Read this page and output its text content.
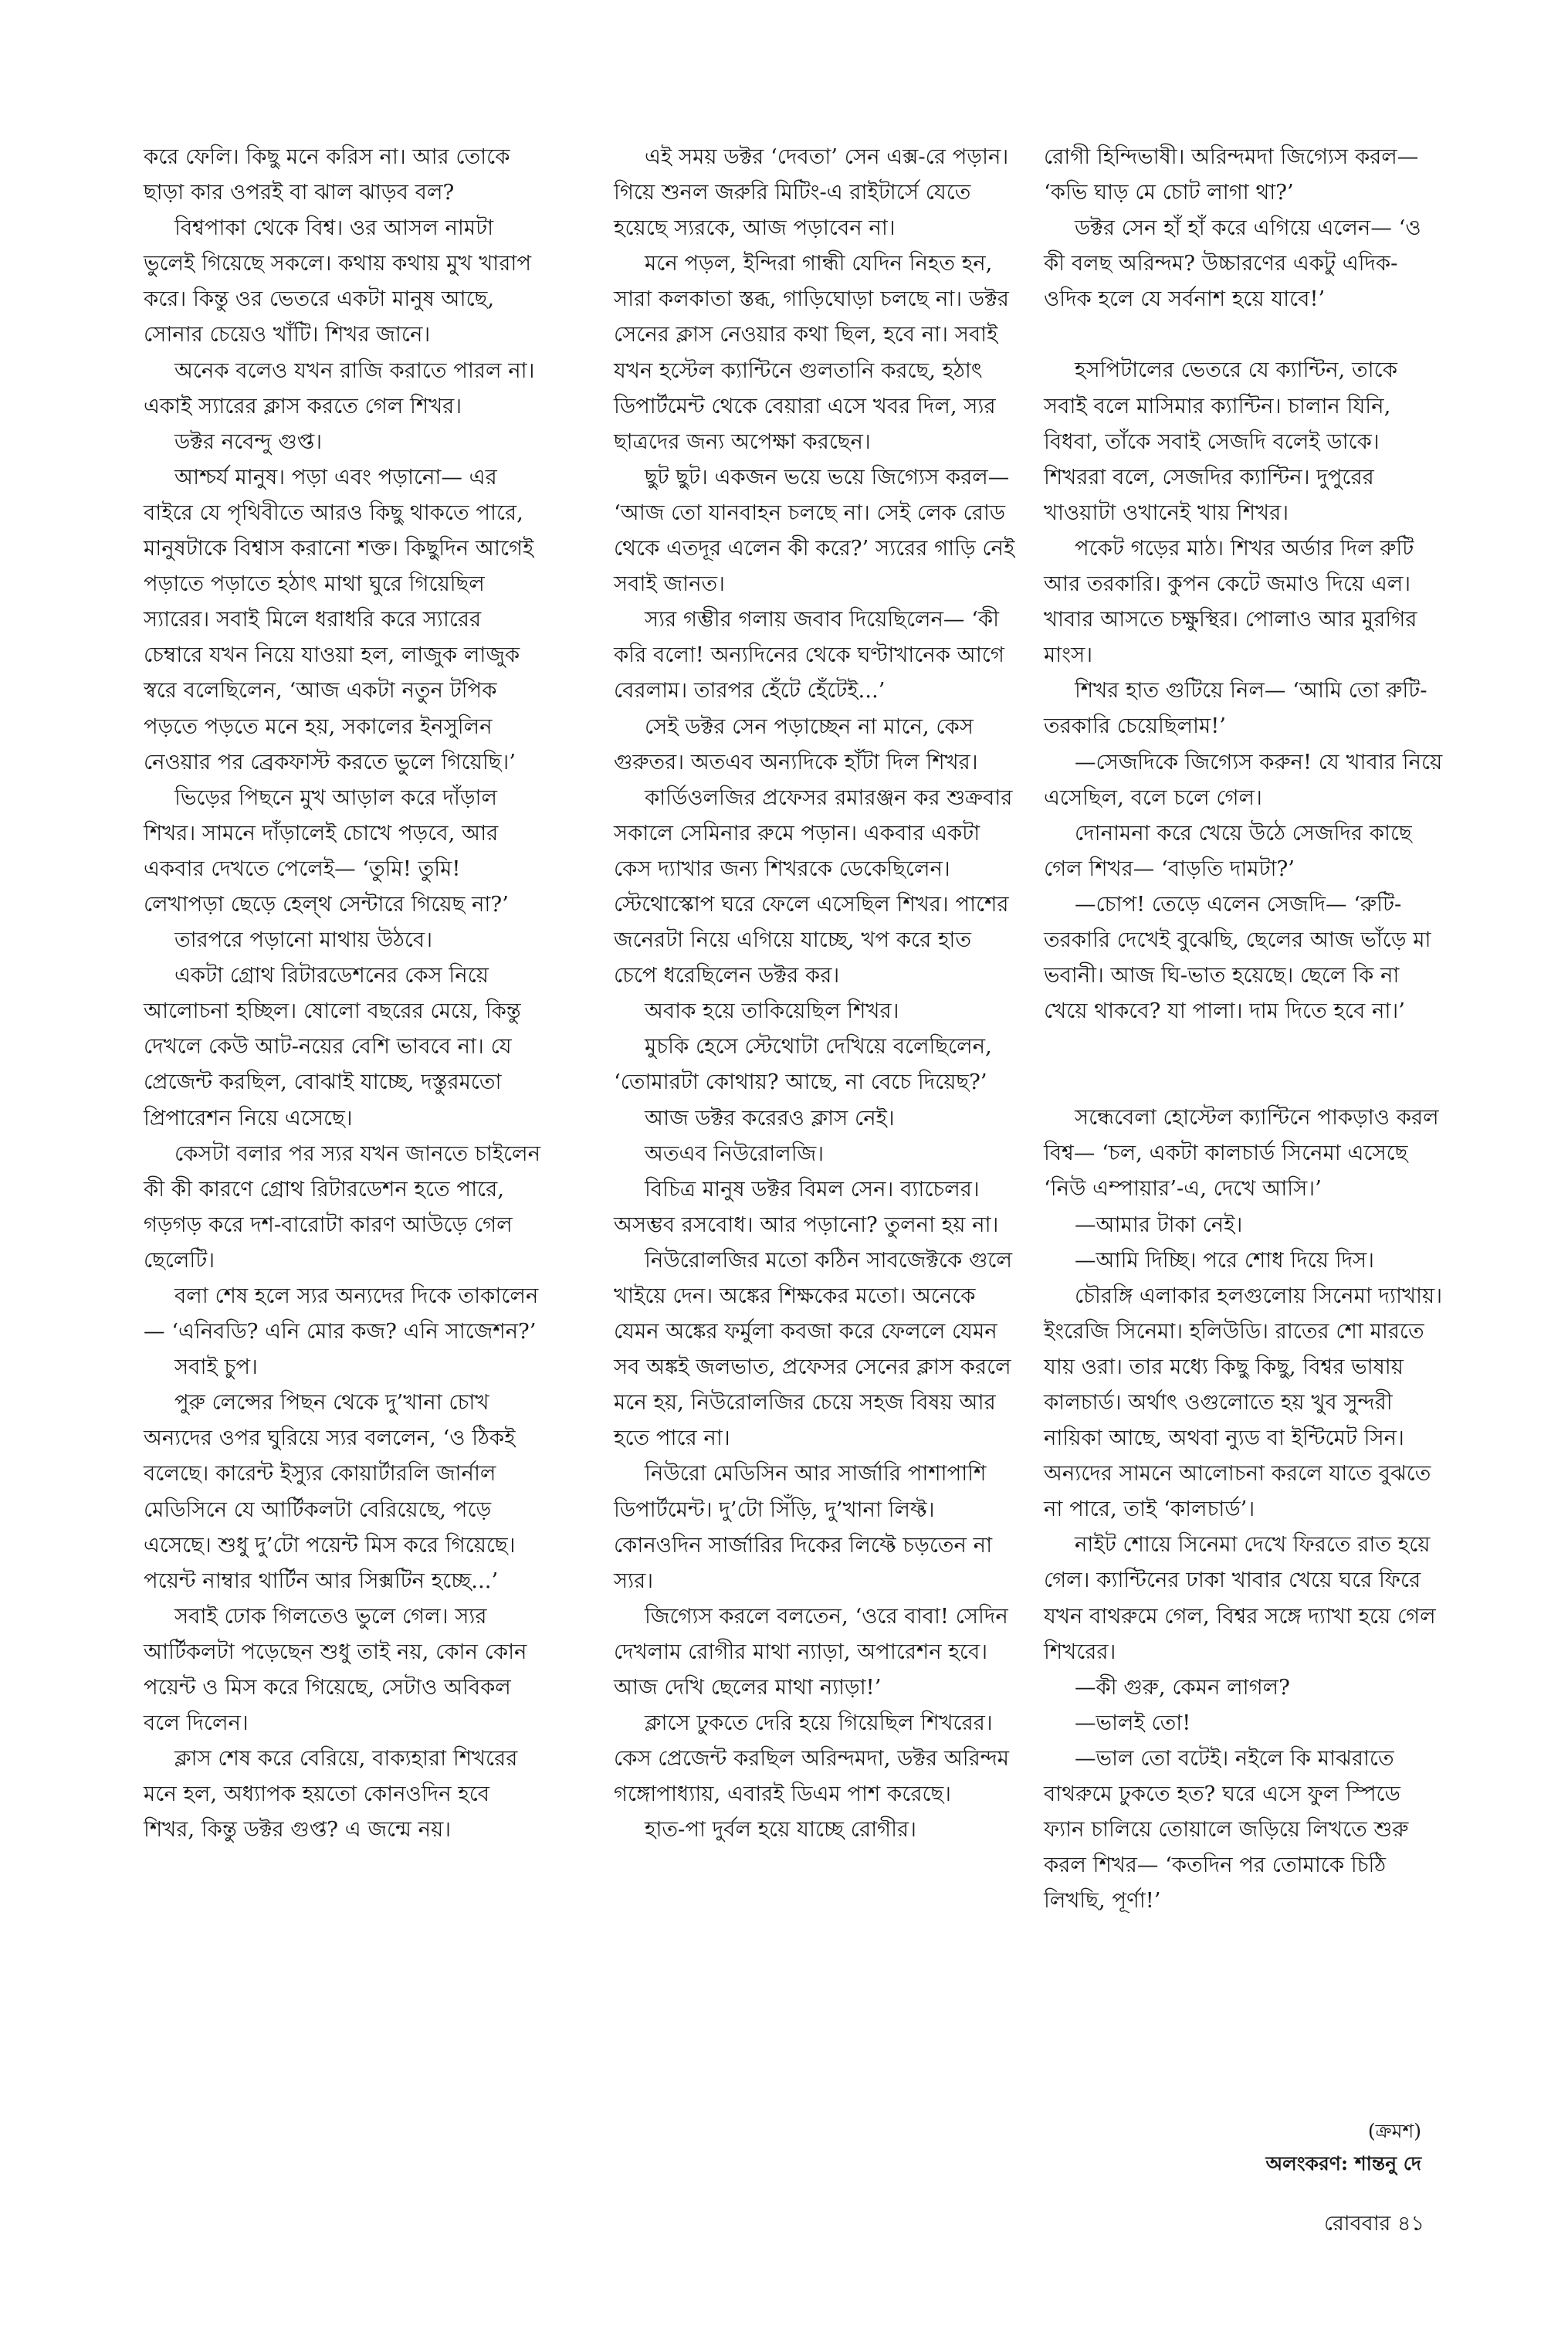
করে ফেলি। কিছু মনে করিস না। আর তোকে ছাড়া কার ওপরই বা ঝাল ঝাড়ব বল?

বিশ্বপাকা থেকে বিশ্ব। ওর আসল নামটা ভুলেই গিয়েছে সকলে। কথায় কথায় মুখ খারাপ করে। কিন্তু ওর ভেতরে একটা মানুষ আছে, সোনার চেয়েও খাঁটি। শিখর জানে।

অনেক বলেও যখন রাজি করাতে পারল না। একাই স্যারের ক্লাস করতে গেল শিখর।

ডক্টর নবেন্দু গুপ্ত।

আশ্চর্য মানুষ। পড়া এবং পড়ানো— এর বাইরে যে পৃথিবীতে আরও কিছু থাকতে পারে, মানুষটাকে বিশ্বাস করানো শক্ত। কিছুদিন আগেই পড়াতে পড়াতে হঠাৎ মাথা ঘুরে গিয়েছিল স্যারের। সবাই মিলে ধরাধরি করে স্যারের চেম্বারে যখন নিয়ে যাওয়া হল, লাজুক লাজুক স্বরে বলেছিলেন, ‘আজ একটা নতুন টপিক পড়তে পড়তে মনে হয়, সকালের ইনসুলিন নেওয়ার পর ব্রেকফাস্ট করতে ভুলে গিয়েছি।’

ভিড়ের পিছনে মুখ আড়াল করে দাঁড়াল শিখর। সামনে দাঁড়ালেই চোখে পড়বে, আর একবার দেখতে পেলেই— ‘তুমি! তুমি! লেখাপড়া ছেড়ে হেল্থ সেন্টারে গিয়েছ না?’

তারপরে পড়ানো মাথায় উঠবে।

একটা গ্রোথ রিটারডেশনের কেস নিয়ে আলোচনা হচ্ছিল। ষোলো বছরের মেয়ে, কিন্তু দেখলে কেউ আট-নয়ের বেশি ভাববে না। যে প্রেজেন্ট করছিল, বোঝাই যাচ্ছে, দস্তুরমতো প্রিপারেশন নিয়ে এসেছে।

কেসটা বলার পর স্যর যখন জানতে চাইলেন কী কী কারণে গ্রোথ রিটারডেশন হতে পারে, গড়গড় করে দশ-বারোটা কারণ আউড়ে গেল ছেলেটি।

বলা শেষ হলে স্যর অন্যদের দিকে তাকালেন— ‘এনিবডি? এনি মোর কজ? এনি সাজেশন?’

সবাই চুপ।

পুরু লেন্সের পিছন থেকে দু’খানা চোখ অন্যদের ওপর ঘুরিয়ে স্যর বললেন, ‘ও ঠিকই বলেছে। কারেন্ট ইস্যুর কোয়ার্টারলি জার্নাল মেডিসিনে যে আর্টিকলটা বেরিয়েছে, পড়ে এসেছে। শুধু দু’টো পয়েন্ট মিস করে গিয়েছে। পয়েন্ট নাম্বার থার্টিন আর সিক্সটিন হচ্ছে...’

সবাই ঢোক গিলতেও ভুলে গেল। স্যর আর্টিকলটা পড়েছেন শুধু তাই নয়, কোন কোন পয়েন্ট ও মিস করে গিয়েছে, সেটাও অবিকল বলে দিলেন।

ক্লাস শেষ করে বেরিয়ে, বাক্যহারা শিখরের মনে হল, অধ্যাপক হয়তো কোনওদিন হবে শিখর, কিন্তু ডক্টর গুপ্ত? এ জন্মে নয়।

এই সময় ডক্টর ‘দেবতা’ সেন এক্স-রে পড়ান। গিয়ে শুনল জরুরি মিটিং-এ রাইটার্সে যেতে হয়েছে স্যরকে, আজ পড়াবেন না।

মনে পড়ল, ইন্দিরা গান্ধী যেদিন নিহত হন, সারা কলকাতা স্তব্ধ, গাড়িঘোড়া চলছে না। ডক্টর সেনের ক্লাস নেওয়ার কথা ছিল, হবে না। সবাই যখন হস্টেল ক্যান্টিনে গুলতানি করছে, হঠাৎ ডিপার্টমেন্ট থেকে বেয়ারা এসে খবর দিল, স্যর ছাত্রদের জন্য অপেক্ষা করছেন।

ছুট ছুট। একজন ভয়ে ভয়ে জিগ্যেস করল— ‘আজ তো যানবাহন চলছে না। সেই লেক রোড থেকে এতদূর এলেন কী করে?’ স্যরের গাড়ি নেই সবাই জানত।

স্যর গম্ভীর গলায় জবাব দিয়েছিলেন— ‘কী করি বলো! অন্যদিনের থেকে ঘণ্টাখানেক আগে বেরলাম। তারপর হেঁটে হেঁটেই...’

সেই ডক্টর সেন পড়াচ্ছেন না মানে, কেস গুরুতর। অতএব অন্যদিকে হাঁটা দিল শিখর।

কার্ডিওলজির প্রফেসর রমারঞ্জন কর শুক্রবার সকালে সেমিনার রুমে পড়ান। একবার একটা কেস দ্যাখার জন্য শিখরকে ডেকেছিলেন। স্টেথোস্কোপ ঘরে ফেলে এসেছিল শিখর। পাশের জনেরটা নিয়ে এগিয়ে যাচ্ছে, খপ করে হাত চেপে ধরেছিলেন ডক্টর কর।

অবাক হয়ে তাকিয়েছিল শিখর।

মুচকি হেসে স্টেথোটা দেখিয়ে বলেছিলেন, ‘তোমারটা কোথায়? আছে, না বেচে দিয়েছ?’

আজ ডক্টর করেরও ক্লাস নেই।

অতএব নিউরোলজি।

বিচিত্র মানুষ ডক্টর বিমল সেন। ব্যাচেলর। অসম্ভব রসবোধ। আর পড়ানো? তুলনা হয় না।

নিউরোলজির মতো কঠিন সাবজেক্টকে গুলে খাইয়ে দেন। অঙ্কের শিক্ষকের মতো। অনেকে যেমন অঙ্কের ফর্মুলা কবজা করে ফেললে যেমন সব অঙ্কই জলভাত, প্রফেসর সেনের ক্লাস করলে মনে হয়, নিউরোলজির চেয়ে সহজ বিষয় আর হতে পারে না।

নিউরো মেডিসিন আর সার্জারি পাশাপাশি ডিপার্টমেন্ট। দু’টো সিঁড়ি, দু’খানা লিফ্ট। কোনওদিন সার্জারির দিকের লিফ্টে চড়তেন না স্যর।

জিগ্যেস করলে বলতেন, ‘ওরে বাবা! সেদিন দেখলাম রোগীর মাথা ন্যাড়া, অপারেশন হবে। আজ দেখি ছেলের মাথা ন্যাড়া!’

ক্লাসে ঢুকতে দেরি হয়ে গিয়েছিল শিখরের। কেস প্রেজেন্ট করছিল অরিন্দমদা, ডক্টর অরিন্দম গঙ্গোপাধ্যায়, এবারই ডিএম পাশ করেছে।

হাত-পা দুর্বল হয়ে যাচ্ছে রোগীর।

রোগী হিন্দিভাষী। অরিন্দমদা জিগ্যেস করল— ‘কভি ঘাড় মে চোট লাগা থা?’

ডক্টর সেন হাঁ হাঁ করে এগিয়ে এলেন— ‘ও কী বলছ অরিন্দম? উচ্চারণের একটু এদিক-ওদিক হলে যে সর্বনাশ হয়ে যাবে!’

হসপিটালের ভেতরে যে ক্যান্টিন, তাকে সবাই বলে মাসিমার ক্যান্টিন। চালান যিনি, বিধবা, তাঁকে সবাই সেজদি বলেই ডাকে। শিখররা বলে, সেজদির ক্যান্টিন। দুপুরের খাওয়াটা ওখানেই খায় শিখর।

পকেট গড়ের মাঠ। শিখর অর্ডার দিল রুটি আর তরকারি। কুপন কেটে জমাও দিয়ে এল। খাবার আসতে চক্ষুস্থির। পোলাও আর মুরগির মাংস।

শিখর হাত গুটিয়ে নিল— ‘আমি তো রুটি-তরকারি চেয়েছিলাম!’

—সেজদিকে জিগ্যেস করুন! যে খাবার নিয়ে এসেছিল, বলে চলে গেল।

দোনামনা করে খেয়ে উঠে সেজদির কাছে গেল শিখর— ‘বাড়তি দামটা?’

—চোপ! তেড়ে এলেন সেজদি— ‘রুটি-তরকারি দেখেই বুঝেছি, ছেলের আজ ভাঁড়ে মা ভবানী। আজ ঘি-ভাত হয়েছে। ছেলে কি না খেয়ে থাকবে? যা পালা। দাম দিতে হবে না।’

সন্ধেবেলা হোস্টেল ক্যান্টিনে পাকড়াও করল বিশ্ব— ‘চল, একটা কালচার্ড সিনেমা এসেছে ‘নিউ এম্পায়ার’-এ, দেখে আসি।’

—আমার টাকা নেই।

—আমি দিচ্ছি। পরে শোধ দিয়ে দিস।

চৌরঙ্গি এলাকার হলগুলোয় সিনেমা দ্যাখায়। ইংরেজি সিনেমা। হলিউডি। রাতের শো মারতে যায় ওরা। তার মধ্যে কিছু কিছু, বিশ্বর ভাষায় কালচার্ড। অর্থাৎ ওগুলোতে হয় খুব সুন্দরী নায়িকা আছে, অথবা ন্যুড বা ইন্টিমেট সিন। অন্যদের সামনে আলোচনা করলে যাতে বুঝতে না পারে, তাই ‘কালচার্ড’।

নাইট শোয়ে সিনেমা দেখে ফিরতে রাত হয়ে গেল। ক্যান্টিনের ঢাকা খাবার খেয়ে ঘরে ফিরে যখন বাথরুমে গেল, বিশ্বর সঙ্গে দ্যাখা হয়ে গেল শিখরের।

—কী গুরু, কেমন লাগল?

—ভালই তো!

—ভাল তো বটেই। নইলে কি মাঝরাতে বাথরুমে ঢুকতে হত? ঘরে এসে ফুল স্পিডে ফ্যান চালিয়ে তোয়ালে জড়িয়ে লিখতে শুরু করল শিখর— ‘কতদিন পর তোমাকে চিঠি লিখছি, পূর্ণা!’

(ক্রমশ)
অলংকরণ: শান্তনু দে
রোববার ৪১
